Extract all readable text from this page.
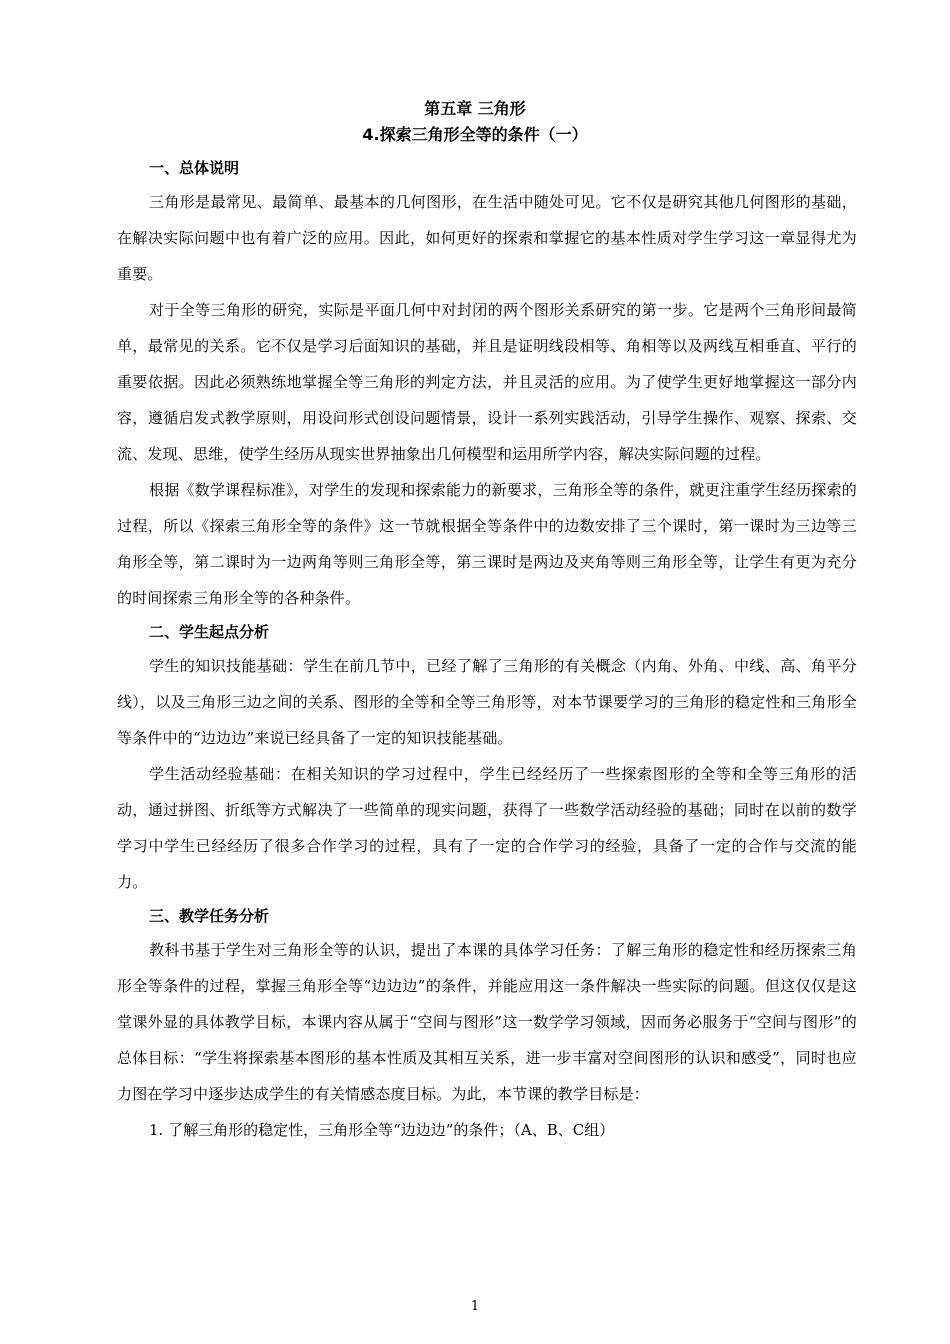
第五章 三角形
4.探索三角形全等的条件（一）
一、总体说明

三角形是最常见、最简单、最基本的几何图形，在生活中随处可见。它不仅是研究其他几何图形的基础，在解决实际问题中也有着广泛的应用。因此，如何更好的探索和掌握它的基本性质对学生学习这一章显得尤为重要。

对于全等三角形的研究，实际是平面几何中对封闭的两个图形关系研究的第一步。它是两个三角形间最简单，最常见的关系。它不仅是学习后面知识的基础，并且是证明线段相等、角相等以及两线互相垂直、平行的重要依据。因此必须熟练地掌握全等三角形的判定方法，并且灵活的应用。为了使学生更好地掌握这一部分内容，遵循启发式教学原则，用设问形式创设问题情景，设计一系列实践活动，引导学生操作、观察、探索、交流、发现、思维，使学生经历从现实世界抽象出几何模型和运用所学内容，解决实际问题的过程。

根据《数学课程标准》，对学生的发现和探索能力的新要求，三角形全等的条件，就更注重学生经历探索的过程，所以《探索三角形全等的条件》这一节就根据全等条件中的边数安排了三个课时，第一课时为三边等三角形全等，第二课时为一边两角等则三角形全等，第三课时是两边及夹角等则三角形全等，让学生有更为充分的时间探索三角形全等的各种条件。

二、学生起点分析

学生的知识技能基础：学生在前几节中，已经了解了三角形的有关概念（内角、外角、中线、高、角平分线），以及三角形三边之间的关系、图形的全等和全等三角形等，对本节课要学习的三角形的稳定性和三角形全等条件中的“边边边”来说已经具备了一定的知识技能基础。

学生活动经验基础：在相关知识的学习过程中，学生已经经历了一些探索图形的全等和全等三角形的活动，通过拼图、折纸等方式解决了一些简单的现实问题，获得了一些数学活动经验的基础；同时在以前的数学学习中学生已经经历了很多合作学习的过程，具有了一定的合作学习的经验，具备了一定的合作与交流的能力。

三、教学任务分析

教科书基于学生对三角形全等的认识，提出了本课的具体学习任务：了解三角形的稳定性和经历探索三角形全等条件的过程，掌握三角形全等“边边边”的条件，并能应用这一条件解决一些实际的问题。但这仅仅是这堂课外显的具体教学目标，本课内容从属于“空间与图形”这一数学学习领域，因而务必服务于“空间与图形”的总体目标：“学生将探索基本图形的基本性质及其相互关系，进一步丰富对空间图形的认识和感受”，同时也应力图在学习中逐步达成学生的有关情感态度目标。为此，本节课的教学目标是：

1. 了解三角形的稳定性，三角形全等“边边边”的条件；（A、B、C组）

1
